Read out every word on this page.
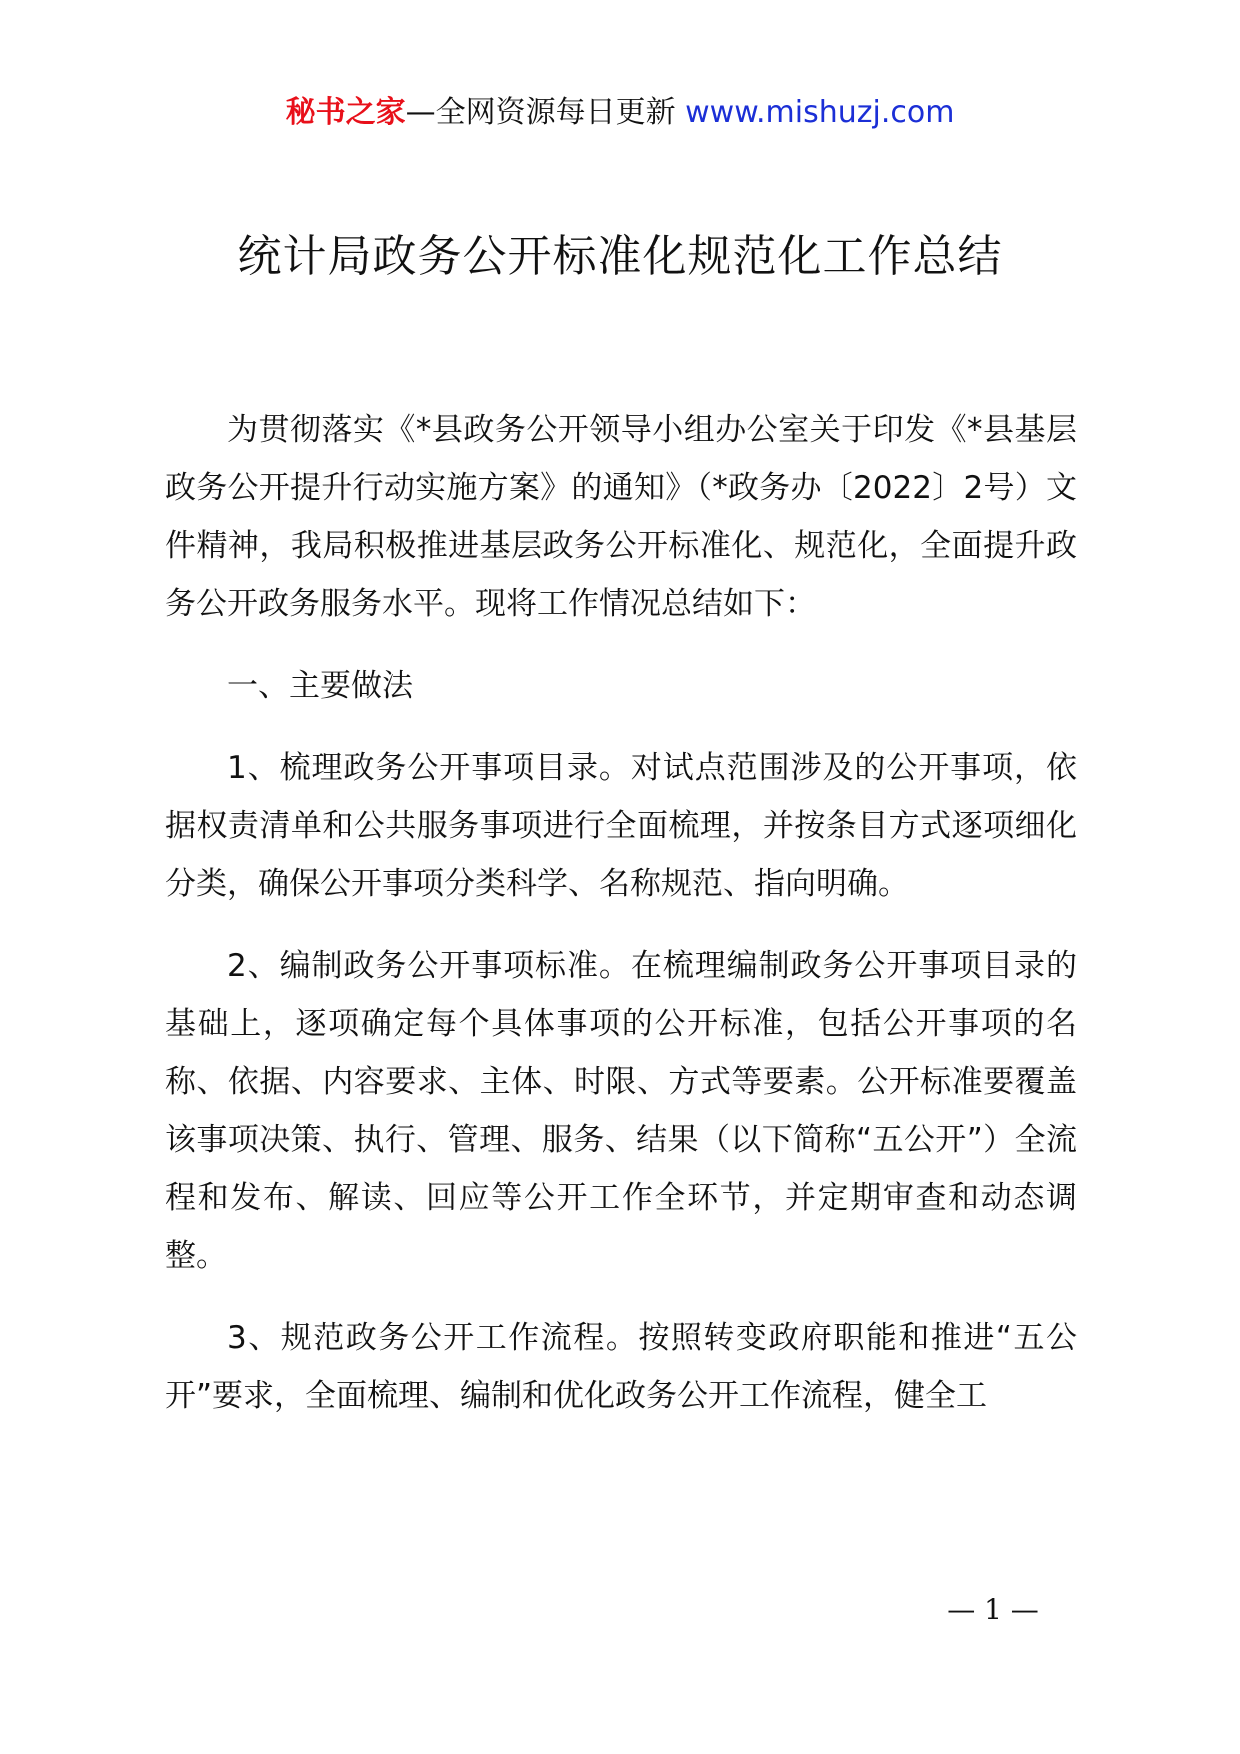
秘书之家—全网资源每日更新 www.mishuzj.com
统计局政务公开标准化规范化工作总结

为贯彻落实《*县政务公开领导小组办公室关于印发《*县基层政务公开提升行动实施方案》的通知》（*政务办〔2022〕2号）文件精神，我局积极推进基层政务公开标准化、规范化，全面提升政务公开政务服务水平。现将工作情况总结如下：

一、主要做法

1、梳理政务公开事项目录。对试点范围涉及的公开事项，依据权责清单和公共服务事项进行全面梳理，并按条目方式逐项细化分类，确保公开事项分类科学、名称规范、指向明确。

2、编制政务公开事项标准。在梳理编制政务公开事项目录的基础上，逐项确定每个具体事项的公开标准，包括公开事项的名称、依据、内容要求、主体、时限、方式等要素。公开标准要覆盖该事项决策、执行、管理、服务、结果（以下简称“五公开”）全流程和发布、解读、回应等公开工作全环节，并定期审查和动态调整。

3、规范政务公开工作流程。按照转变政府职能和推进“五公开”要求，全面梳理、编制和优化政务公开工作流程，健全工

— 1 —
